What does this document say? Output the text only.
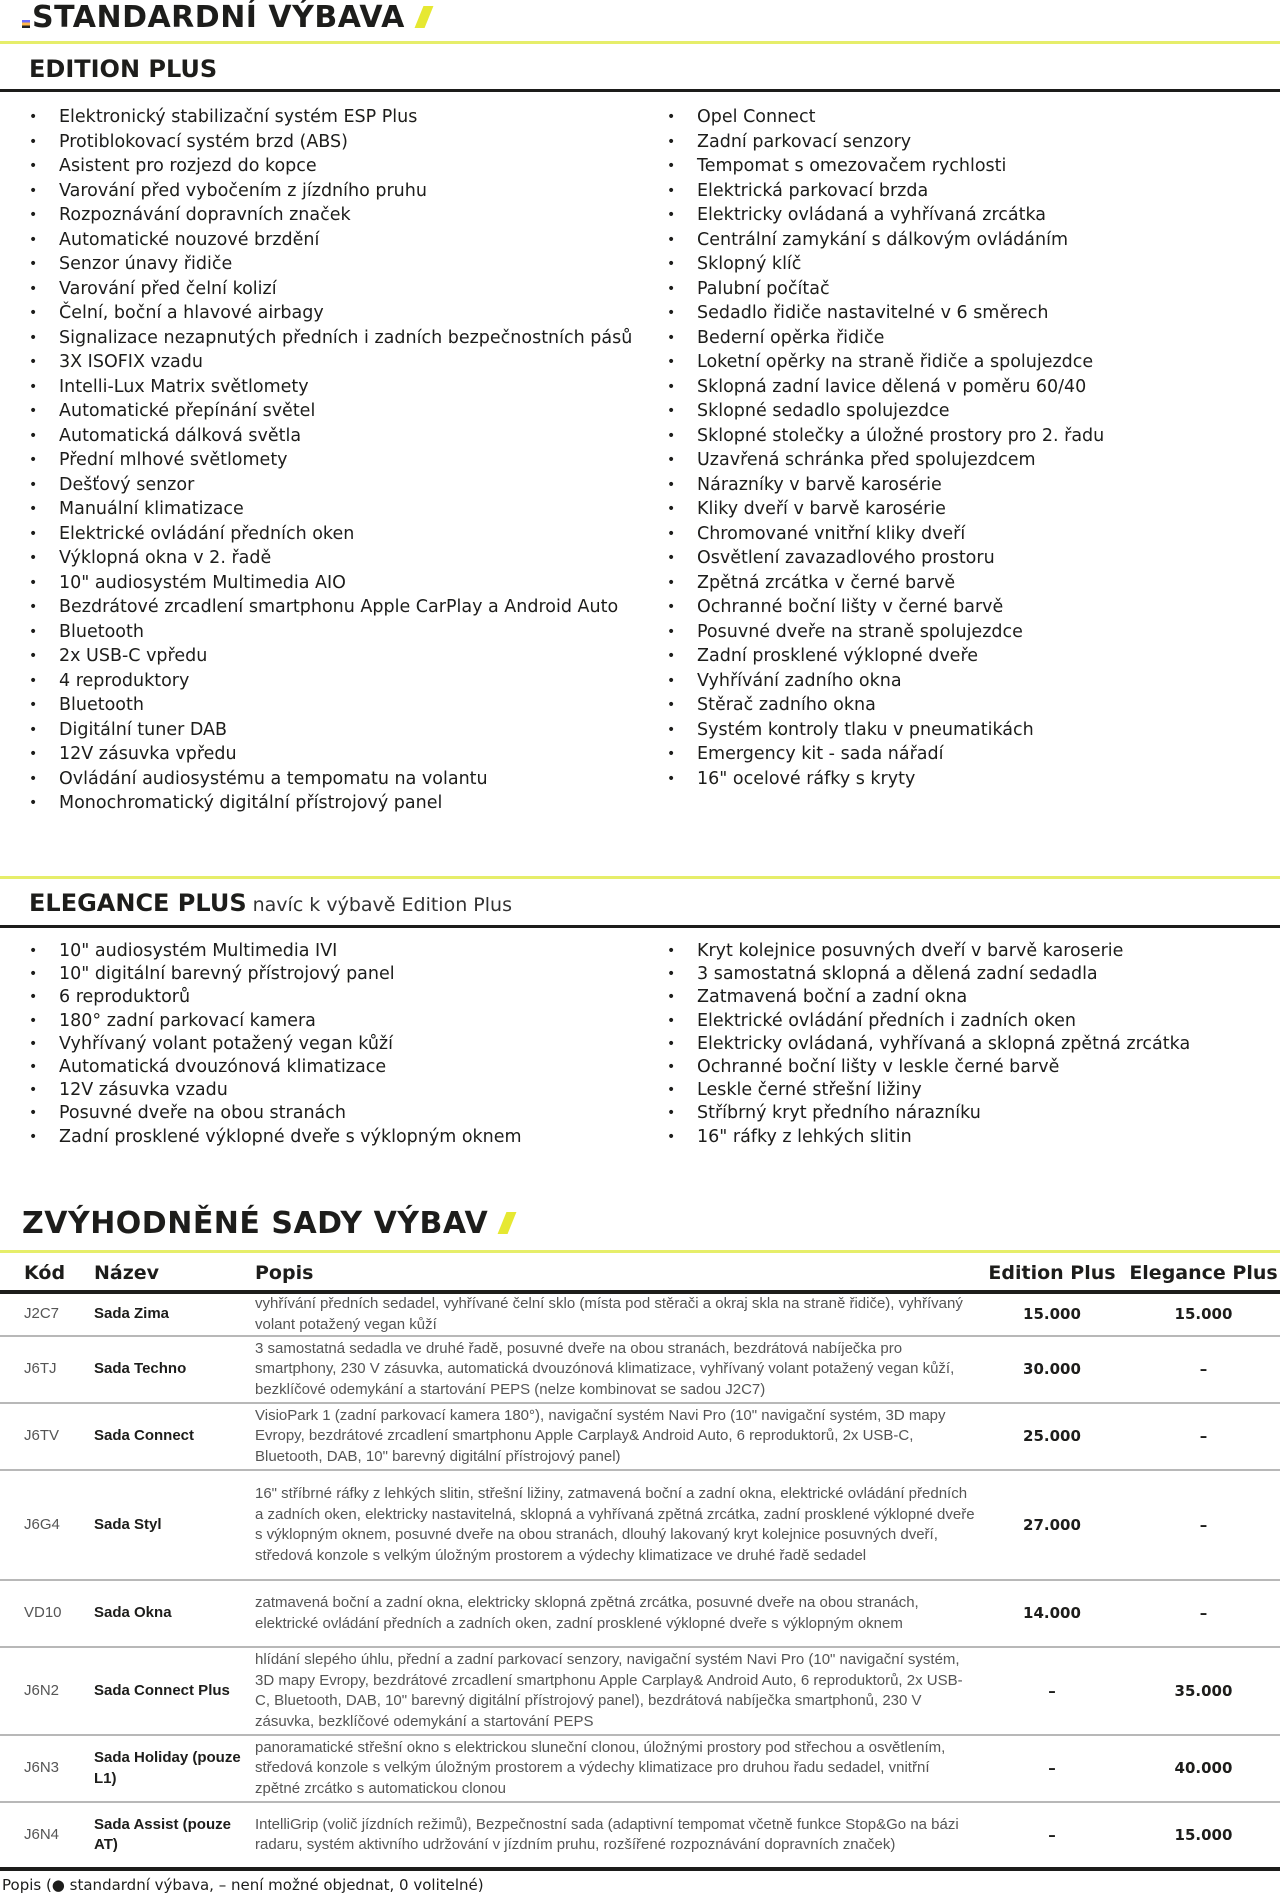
STANDARDNÍ VÝBAVA
EDITION PLUS
• Elektronický stabilizační systém ESP Plus
• Protiblokovací systém brzd (ABS)
• Asistent pro rozjezd do kopce
• Varování před vybočením z jízdního pruhu
• Rozpoznávání dopravních značek
• Automatické nouzové brzdění
• Senzor únavy řidiče
• Varování před čelní kolizí
• Čelní, boční a hlavové airbagy
• Signalizace nezapnutých předních i zadních bezpečnostních pásů
• 3X ISOFIX vzadu
• Intelli-Lux Matrix světlomety
• Automatické přepínání světel
• Automatická dálková světla
• Přední mlhové světlomety
• Dešťový senzor
• Manuální klimatizace
• Elektrické ovládání předních oken
• Výklopná okna v 2. řadě
• 10" audiosystém Multimedia AIO
• Bezdrátové zrcadlení smartphonu Apple CarPlay a Android Auto
• Bluetooth
• 2x USB-C vpředu
• 4 reproduktory
• Bluetooth
• Digitální tuner DAB
• 12V zásuvka vpředu
• Ovládání audiosystému a tempomatu na volantu
• Monochromatický digitální přístrojový panel
• Opel Connect
• Zadní parkovací senzory
• Tempomat s omezovačem rychlosti
• Elektrická parkovací brzda
• Elektricky ovládaná a vyhřívaná zrcátka
• Centrální zamykání s dálkovým ovládáním
• Sklopný klíč
• Palubní počítač
• Sedadlo řidiče nastavitelné v 6 směrech
• Bederní opěrka řidiče
• Loketní opěrky na straně řidiče a spolujezdce
• Sklopná zadní lavice dělená v poměru 60/40
• Sklopné sedadlo spolujezdce
• Sklopné stolečky a úložné prostory pro 2. řadu
• Uzavřená schránka před spolujezdcem
• Nárazníky v barvě karosérie
• Kliky dveří v barvě karosérie
• Chromované vnitřní kliky dveří
• Osvětlení zavazadlového prostoru
• Zpětná zrcátka v černé barvě
• Ochranné boční lišty v černé barvě
• Posuvné dveře na straně spolujezdce
• Zadní prosklené výklopné dveře
• Vyhřívání zadního okna
• Stěrač zadního okna
• Systém kontroly tlaku v pneumatikách
• Emergency kit - sada nářadí
• 16" ocelové ráfky s kryty
ELEGANCE PLUS navíc k výbavě Edition Plus
• 10" audiosystém Multimedia IVI
• 10" digitální barevný přístrojový panel
• 6 reproduktorů
• 180° zadní parkovací kamera
• Vyhřívaný volant potažený vegan kůží
• Automatická dvouzónová klimatizace
• 12V zásuvka vzadu
• Posuvné dveře na obou stranách
• Zadní prosklené výklopné dveře s výklopným oknem
• Kryt kolejnice posuvných dveří v barvě karoserie
• 3 samostatná sklopná a dělená zadní sedadla
• Zatmavená boční a zadní okna
• Elektrické ovládání předních i zadních oken
• Elektricky ovládaná, vyhřívaná a sklopná zpětná zrcátka
• Ochranné boční lišty v leskle černé barvě
• Leskle černé střešní ližiny
• Stříbrný kryt předního nárazníku
• 16" ráfky z lehkých slitin
ZVÝHODNĚNÉ SADY VÝBAV
Kód	Název	Popis	Edition Plus	Elegance Plus
J2C7	Sada Zima	vyhřívání předních sedadel, vyhřívané čelní sklo (místa pod stěrači a okraj skla na straně řidiče), vyhřívaný volant potažený vegan kůží	15.000	15.000
J6TJ	Sada Techno	3 samostatná sedadla ve druhé řadě, posuvné dveře na obou stranách, bezdrátová nabíječka pro smartphony, 230 V zásuvka, automatická dvouzónová klimatizace, vyhřívaný volant potažený vegan kůží, bezklíčové odemykání a startování PEPS (nelze kombinovat se sadou J2C7)	30.000	–
J6TV	Sada Connect	VisioPark 1 (zadní parkovací kamera 180°), navigační systém Navi Pro (10" navigační systém, 3D mapy Evropy, bezdrátové zrcadlení smartphonu Apple Carplay& Android Auto, 6 reproduktorů, 2x USB-C, Bluetooth, DAB, 10" barevný digitální přístrojový panel)	25.000	–
J6G4	Sada Styl	16" stříbrné ráfky z lehkých slitin, střešní ližiny, zatmavená boční a zadní okna, elektrické ovládání předních a zadních oken, elektricky nastavitelná, sklopná a vyhřívaná zpětná zrcátka, zadní prosklené výklopné dveře s výklopným oknem, posuvné dveře na obou stranách, dlouhý lakovaný kryt kolejnice posuvných dveří, středová konzole s velkým úložným prostorem a výdechy klimatizace ve druhé řadě sedadel	27.000	–
VD10	Sada Okna	zatmavená boční a zadní okna, elektricky sklopná zpětná zrcátka, posuvné dveře na obou stranách, elektrické ovládání předních a zadních oken, zadní prosklené výklopné dveře s výklopným oknem	14.000	–
J6N2	Sada Connect Plus	hlídání slepého úhlu, přední a zadní parkovací senzory, navigační systém Navi Pro (10" navigační systém, 3D mapy Evropy, bezdrátové zrcadlení smartphonu Apple Carplay& Android Auto, 6 reproduktorů, 2x USB-C, Bluetooth, DAB, 10" barevný digitální přístrojový panel), bezdrátová nabíječka smartphonů, 230 V zásuvka, bezklíčové odemykání a startování PEPS	–	35.000
J6N3	Sada Holiday (pouze L1)	panoramatické střešní okno s elektrickou sluneční clonou, úložnými prostory pod střechou a osvětlením, středová konzole s velkým úložným prostorem a výdechy klimatizace pro druhou řadu sedadel, vnitřní zpětné zrcátko s automatickou clonou	–	40.000
J6N4	Sada Assist (pouze AT)	IntelliGrip (volič jízdních režimů), Bezpečnostní sada (adaptivní tempomat včetně funkce Stop&Go na bázi radaru, systém aktivního udržování v jízdním pruhu, rozšířené rozpoznávání dopravních značek)	–	15.000
Popis (● standardní výbava, – není možné objednat, 0 volitelné)
